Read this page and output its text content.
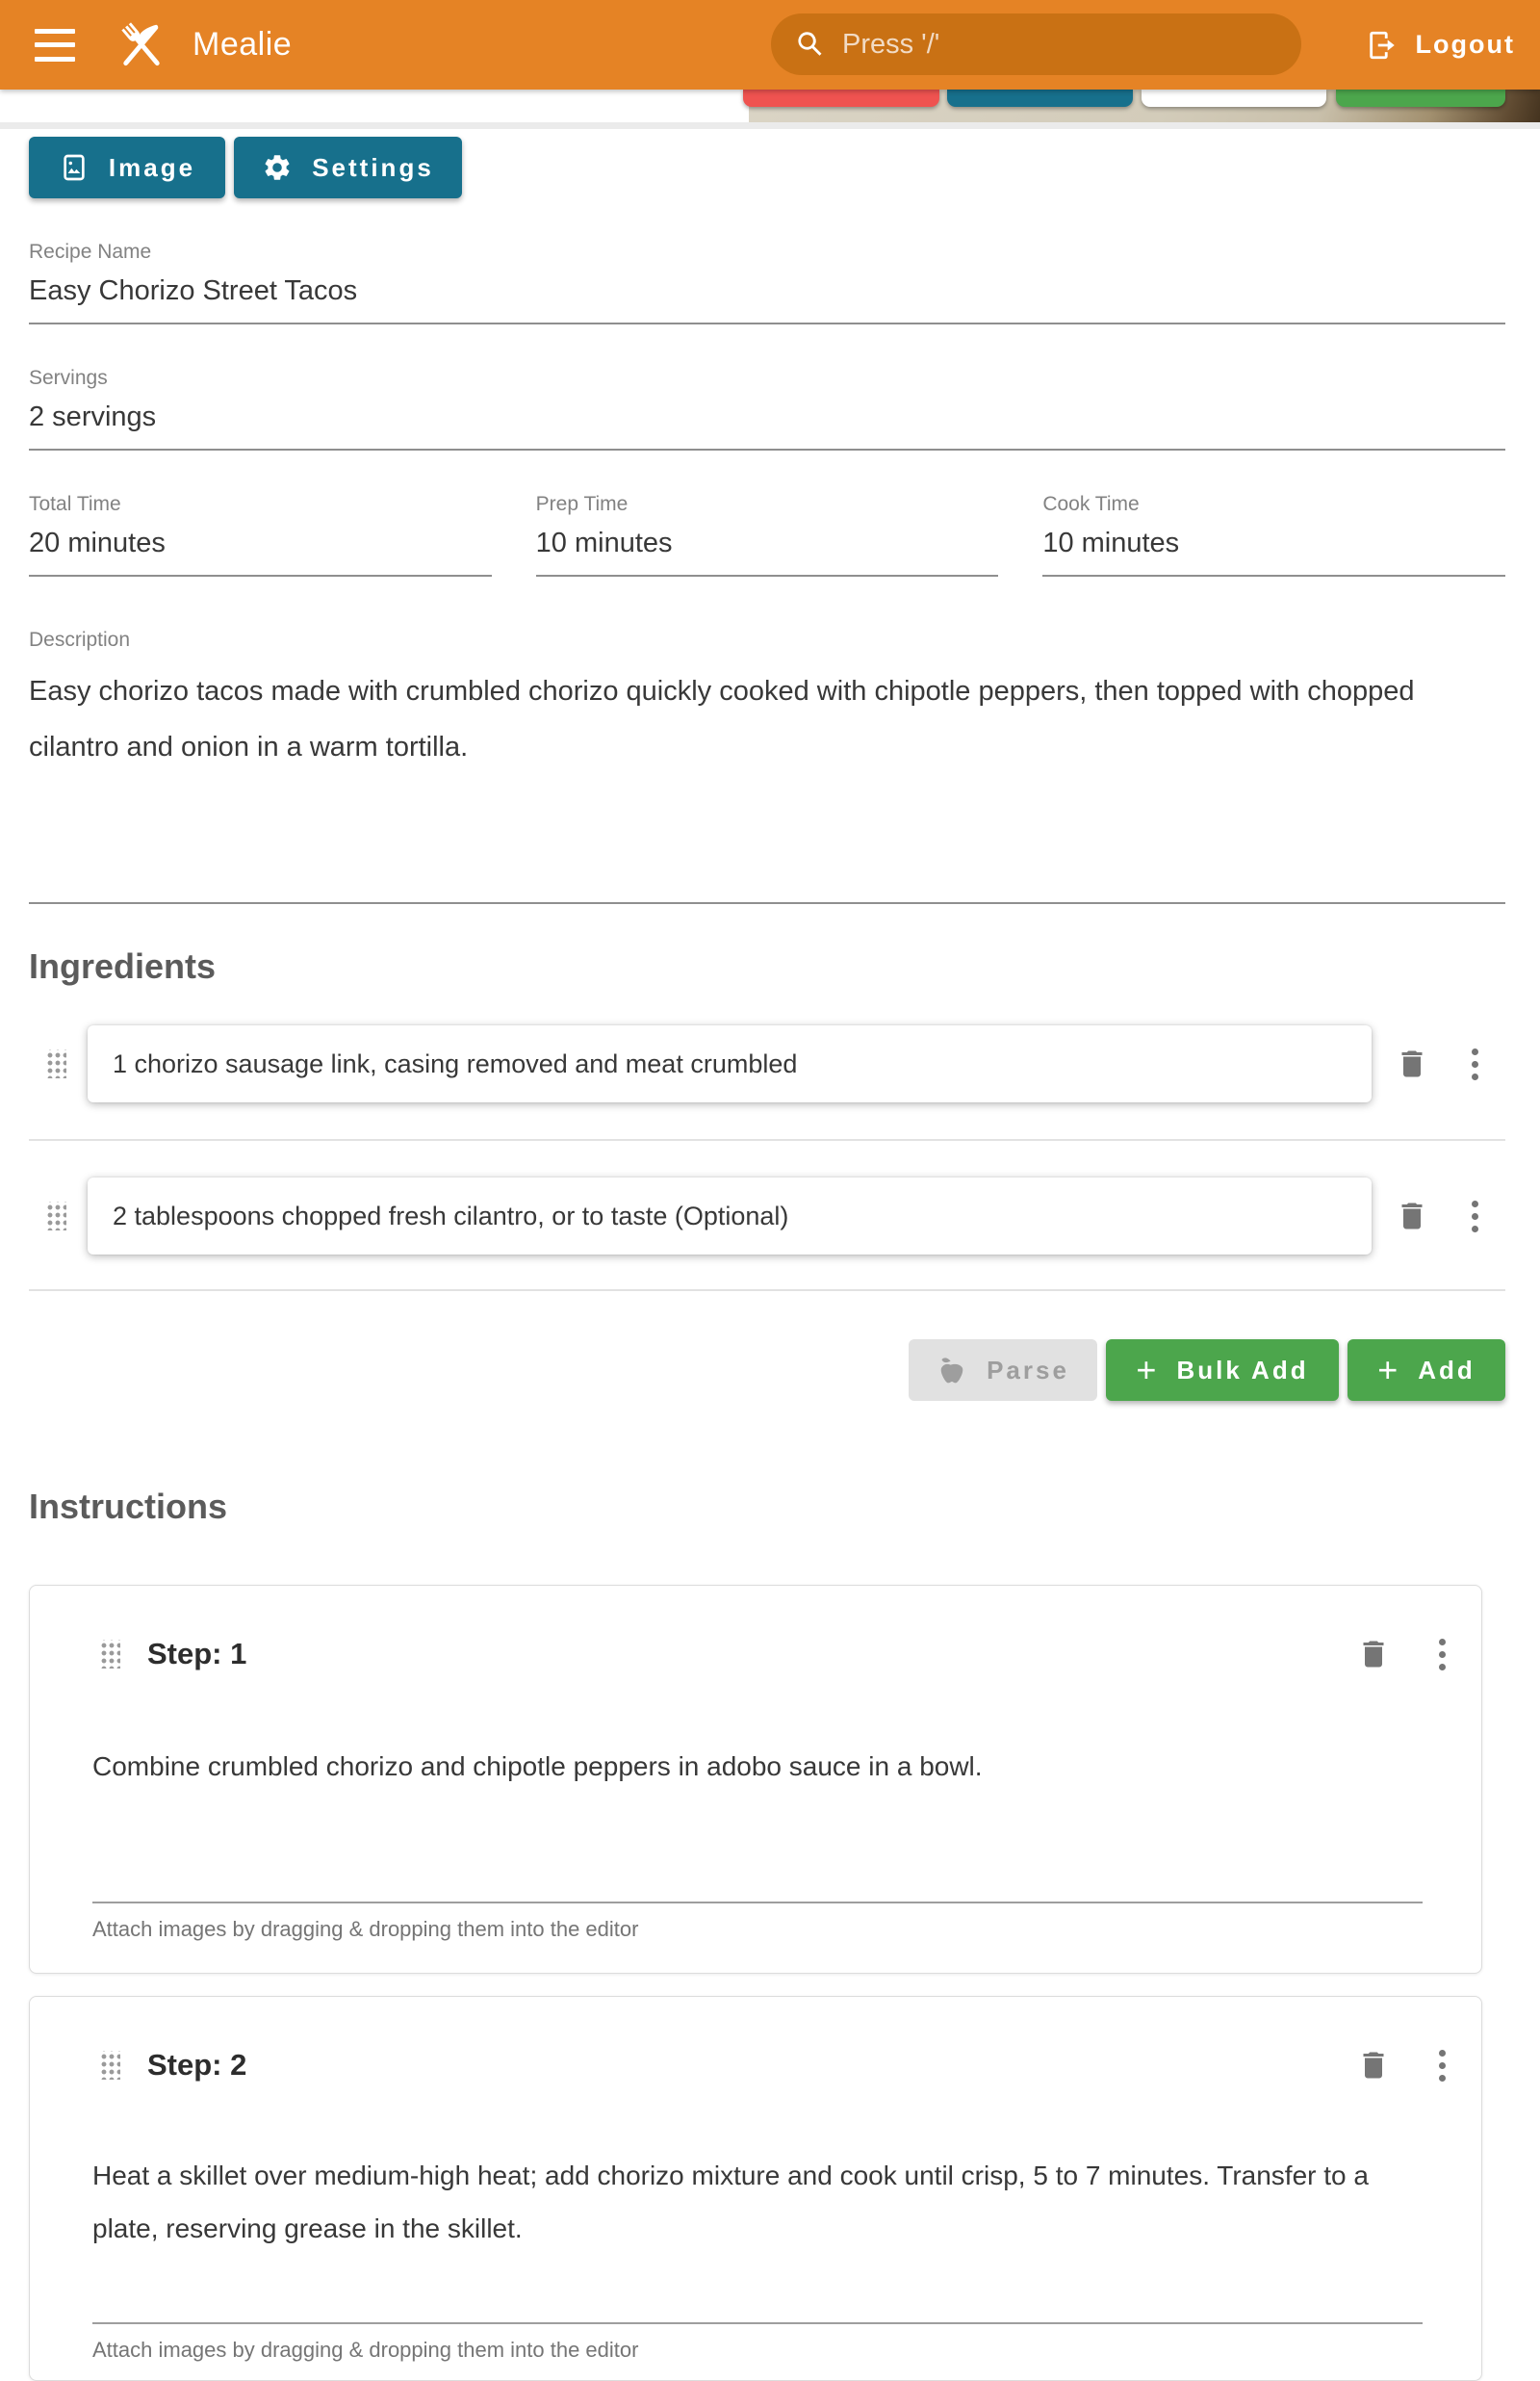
Mealie
Press '/'	Logout
Image	Settings
Recipe Name
Easy Chorizo Street Tacos
Servings
2 servings
Total Time
20 minutes
Prep Time
10 minutes
Cook Time
10 minutes
Description
Easy chorizo tacos made with crumbled chorizo quickly cooked with chipotle peppers, then topped with chopped cilantro and onion in a warm tortilla.
Ingredients
1 chorizo sausage link, casing removed and meat crumbled
2 tablespoons chopped fresh cilantro, or to taste (Optional)
Parse + Bulk Add + Add
Instructions
Step: 1
Combine crumbled chorizo and chipotle peppers in adobo sauce in a bowl.
Attach images by dragging & dropping them into the editor
Step: 2
Heat a skillet over medium-high heat; add chorizo mixture and cook until crisp, 5 to 7 minutes. Transfer to a plate, reserving grease in the skillet.
Attach images by dragging & dropping them into the editor
